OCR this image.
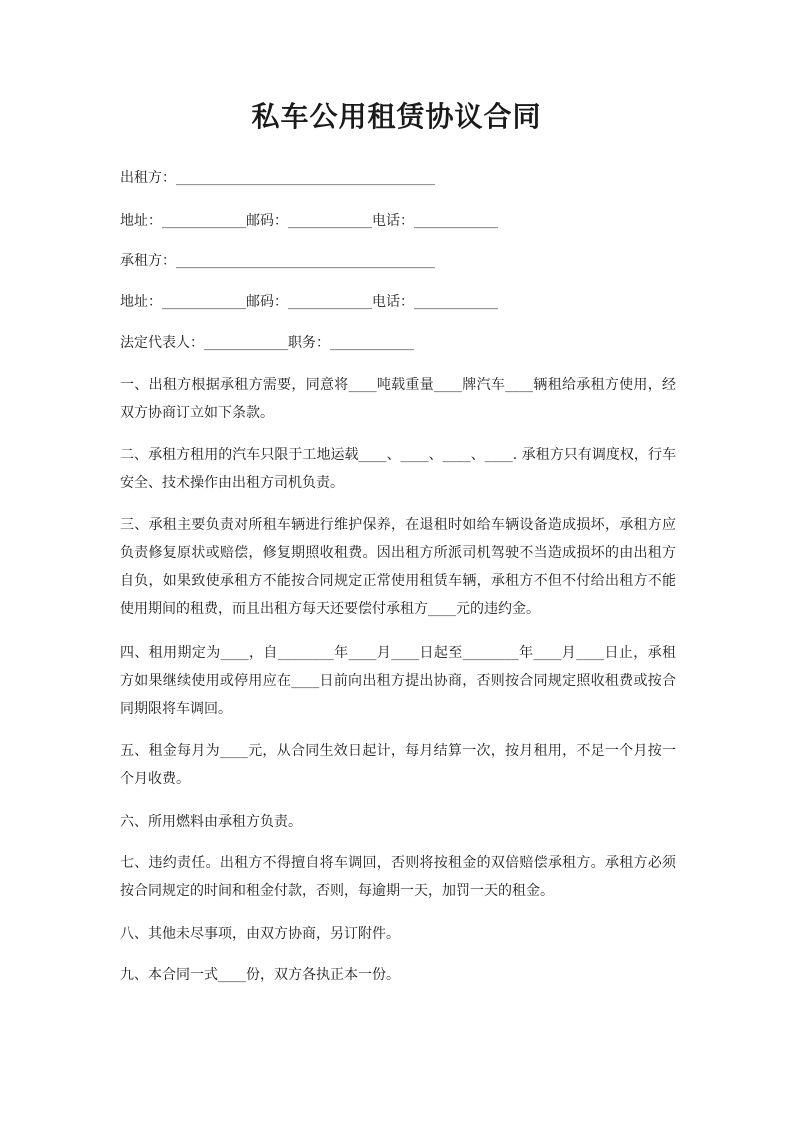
私车公用租赁协议合同
出租方：_____________________________________
地址：____________邮码：____________电话：____________
承租方：_____________________________________
地址：____________邮码：____________电话：____________
法定代表人：____________职务：____________
一、出租方根据承租方需要，同意将____吨载重量____牌汽车____辆租给承租方使用，经双方协商订立如下条款。
二、承租方租用的汽车只限于工地运载____、____、____、____. 承租方只有调度权，行车安全、技术操作由出租方司机负责。
三、承租主要负责对所租车辆进行维护保养，在退租时如给车辆设备造成损坏，承租方应负责修复原状或赔偿，修复期照收租费。因出租方所派司机驾驶不当造成损坏的由出租方自负，如果致使承租方不能按合同规定正常使用租赁车辆，承租方不但不付给出租方不能使用期间的租费，而且出租方每天还要偿付承租方____元的违约金。
四、租用期定为____，自________年____月____日起至________年____月____日止，承租方如果继续使用或停用应在____日前向出租方提出协商，否则按合同规定照收租费或按合同期限将车调回。
五、租金每月为____元，从合同生效日起计，每月结算一次，按月租用，不足一个月按一个月收费。
六、所用燃料由承租方负责。
七、违约责任。出租方不得擅自将车调回，否则将按租金的双倍赔偿承租方。承租方必须按合同规定的时间和租金付款，否则，每逾期一天，加罚一天的租金。
八、其他未尽事项，由双方协商，另订附件。
九、本合同一式____份，双方各执正本一份。
